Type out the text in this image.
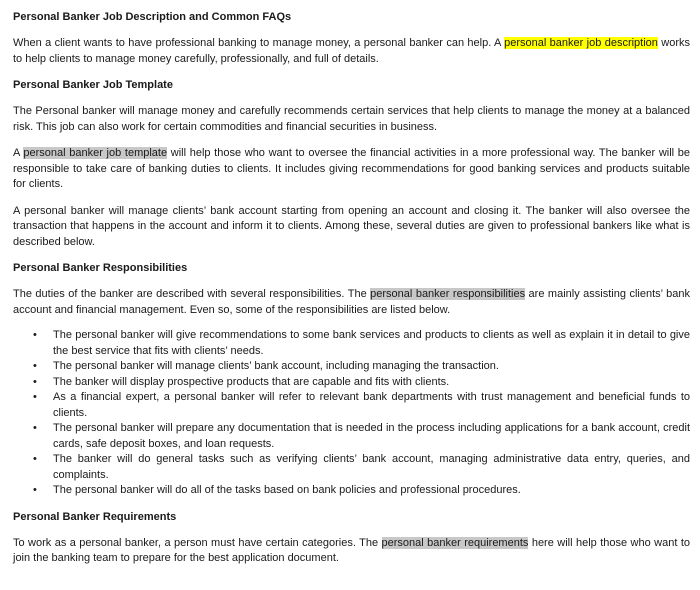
Personal Banker Job Description and Common FAQs

When a client wants to have professional banking to manage money, a personal banker can help. A personal banker job description works to help clients to manage money carefully, professionally, and full of details.

Personal Banker Job Template

The Personal banker will manage money and carefully recommends certain services that help clients to manage the money at a balanced risk. This job can also work for certain commodities and financial securities in business.

A personal banker job template will help those who want to oversee the financial activities in a more professional way. The banker will be responsible to take care of banking duties to clients. It includes giving recommendations for good banking services and products suitable for clients.

A personal banker will manage clients’ bank account starting from opening an account and closing it. The banker will also oversee the transaction that happens in the account and inform it to clients. Among these, several duties are given to professional bankers like what is described below.

Personal Banker Responsibilities

The duties of the banker are described with several responsibilities. The personal banker responsibilities are mainly assisting clients’ bank account and financial management. Even so, some of the responsibilities are listed below.

• The personal banker will give recommendations to some bank services and products to clients as well as explain it in detail to give the best service that fits with clients’ needs.
• The personal banker will manage clients’ bank account, including managing the transaction.
• The banker will display prospective products that are capable and fits with clients.
• As a financial expert, a personal banker will refer to relevant bank departments with trust management and beneficial funds to clients.
• The personal banker will prepare any documentation that is needed in the process including applications for a bank account, credit cards, safe deposit boxes, and loan requests.
• The banker will do general tasks such as verifying clients’ bank account, managing administrative data entry, queries, and complaints.
• The personal banker will do all of the tasks based on bank policies and professional procedures.
Personal Banker Requirements

To work as a personal banker, a person must have certain categories. The personal banker requirements here will help those who want to join the banking team to prepare for the best application document.
